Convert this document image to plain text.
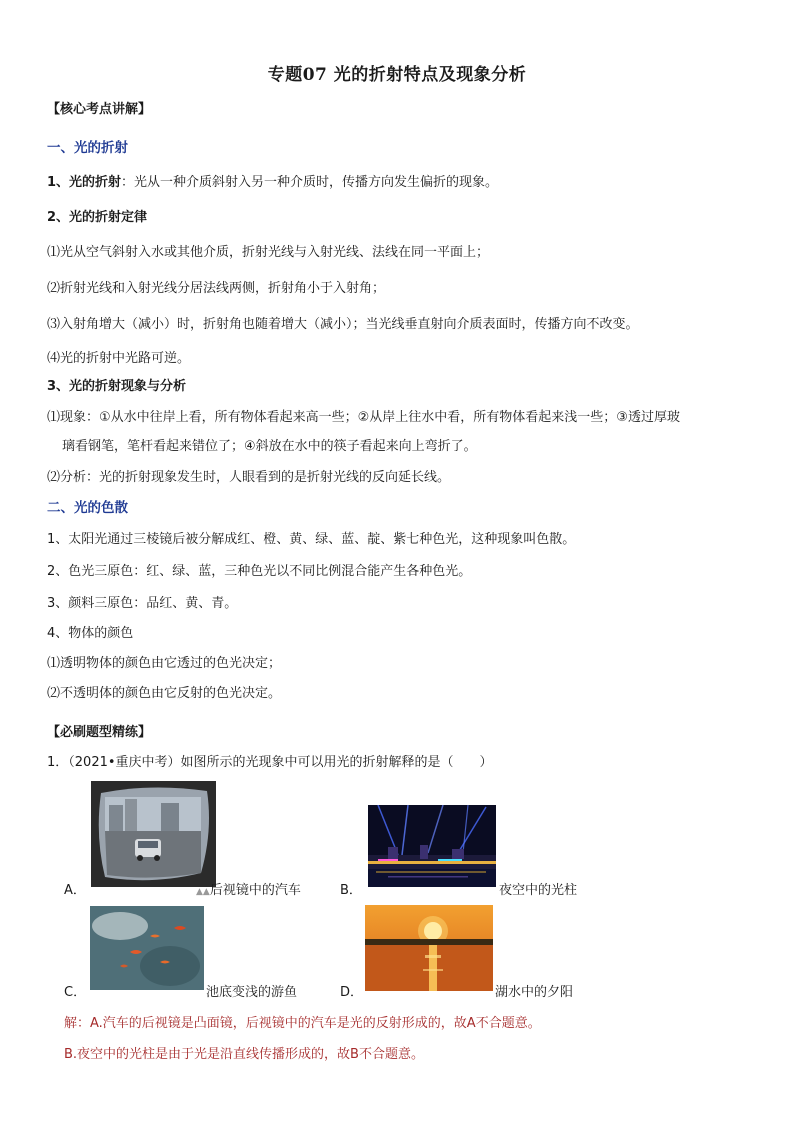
专题07 光的折射特点及现象分析
【核心考点讲解】
一、光的折射
1、光的折射：光从一种介质斜射入另一种介质时，传播方向发生偏折的现象。
2、光的折射定律
⑴光从空气斜射入水或其他介质，折射光线与入射光线、法线在同一平面上；
⑵折射光线和入射光线分居法线两侧，折射角小于入射角；
⑶入射角增大（减小）时，折射角也随着增大（减小）；当光线垂直射向介质表面时，传播方向不改变。
⑷光的折射中光路可逆。
3、光的折射现象与分析
⑴现象：①从水中往岸上看，所有物体看起来高一些；②从岸上往水中看，所有物体看起来浅一些；③透过厚玻
璃看钢笔，笔杆看起来错位了；④斜放在水中的筷子看起来向上弯折了。
⑵分析：光的折射现象发生时，人眼看到的是折射光线的反向延长线。
二、光的色散
1、太阳光通过三棱镜后被分解成红、橙、黄、绿、蓝、靛、紫七种色光，这种现象叫色散。
2、色光三原色：红、绿、蓝，三种色光以不同比例混合能产生各种色光。
3、颜料三原色：品红、黄、青。
4、物体的颜色
⑴透明物体的颜色由它透过的色光决定；
⑵不透明体的颜色由它反射的色光决定。
【必刷题型精练】
1．（2021•重庆中考）如图所示的光现象中可以用光的折射解释的是（　　）
A．	▲▲后视镜中的汽车	B．	夜空中的光柱
C．	池底变浅的游鱼	D．	湖水中的夕阳
解：A.汽车的后视镜是凸面镜，后视镜中的汽车是光的反射形成的，故A不合题意。
B.夜空中的光柱是由于光是沿直线传播形成的，故B不合题意。
